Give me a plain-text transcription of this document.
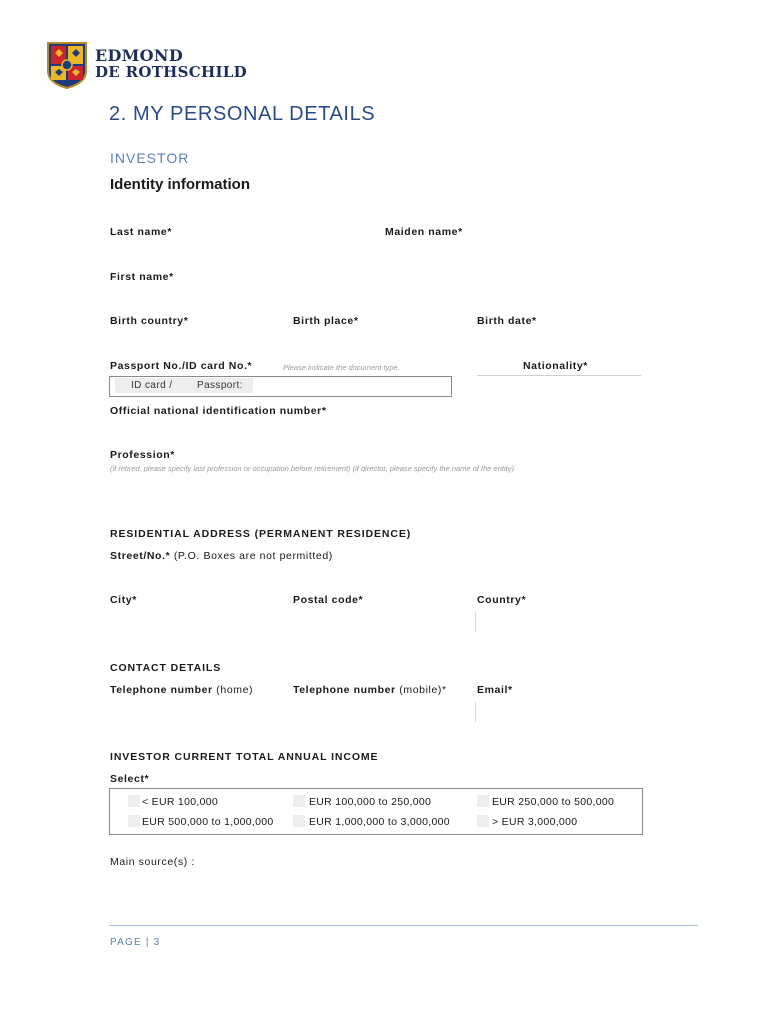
EDMOND
DE ROTHSCHILD
2. MY PERSONAL DETAILS
INVESTOR
Identity information
Last name*	Maiden name*
First name*
Birth country*	Birth place*	Birth date*
Passport No./ID card No.*	Please indicate the document type.	Nationality*
ID card / Passport:
Official national identification number*
Profession*
(if retired, please specify last profession or occupation before retirement) (if director, please specify the name of the entity)
RESIDENTIAL ADDRESS (PERMANENT RESIDENCE)
Street/No.* (P.O. Boxes are not permitted)
City*	Postal code*	Country*
CONTACT DETAILS
Telephone number (home)	Telephone number (mobile)*	Email*
INVESTOR CURRENT TOTAL ANNUAL INCOME
Select*
< EUR 100,000	EUR 100,000 to 250,000	EUR 250,000 to 500,000
EUR 500,000 to 1,000,000	EUR 1,000,000 to 3,000,000	> EUR 3,000,000
Main source(s) :
PAGE | 3
